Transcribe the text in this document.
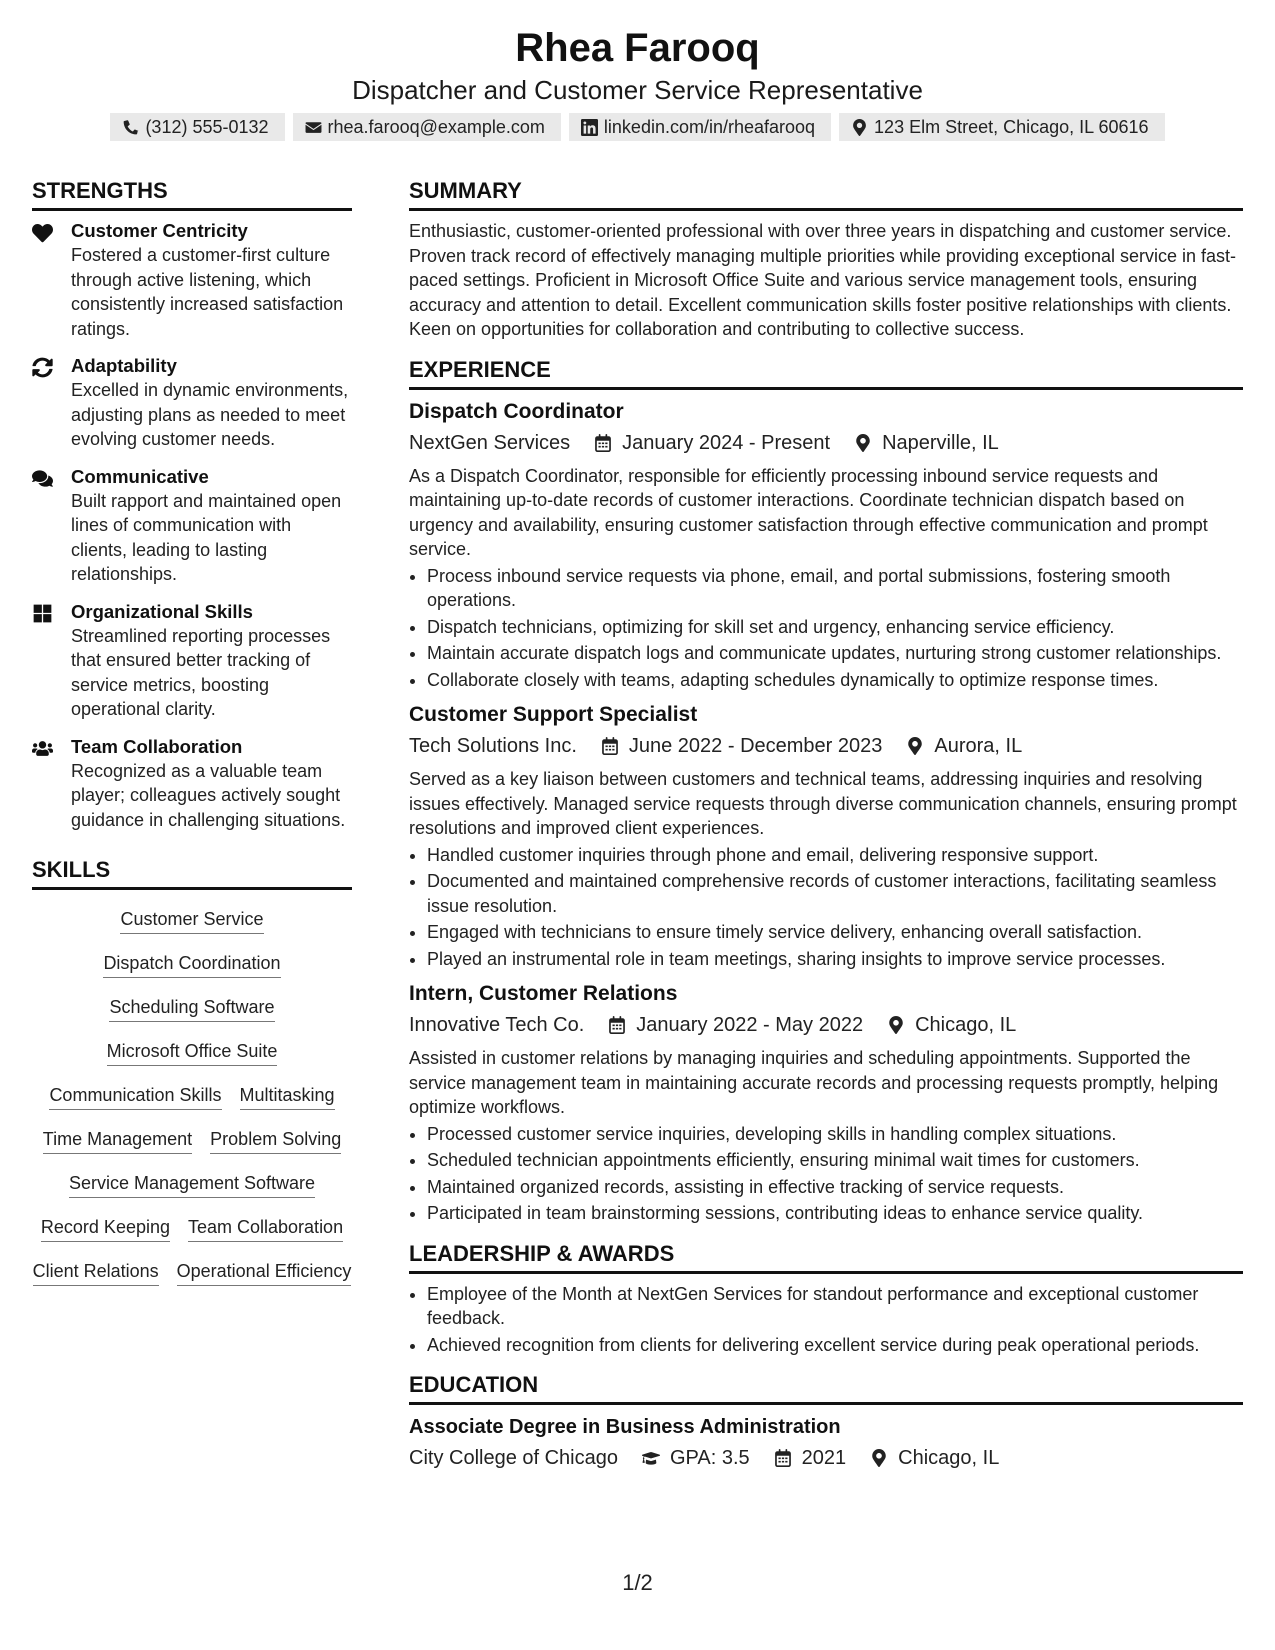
Rhea Farooq
Dispatcher and Customer Service Representative
(312) 555-0132	rhea.farooq@example.com	linkedin.com/in/rheafarooq	123 Elm Street, Chicago, IL 60616
STRENGTHS
Customer Centricity
Fostered a customer-first culture through active listening, which consistently increased satisfaction ratings.
Adaptability
Excelled in dynamic environments, adjusting plans as needed to meet evolving customer needs.
Communicative
Built rapport and maintained open lines of communication with clients, leading to lasting relationships.
Organizational Skills
Streamlined reporting processes that ensured better tracking of service metrics, boosting operational clarity.
Team Collaboration
Recognized as a valuable team player; colleagues actively sought guidance in challenging situations.
SKILLS
Customer Service
Dispatch Coordination
Scheduling Software
Microsoft Office Suite
Communication Skills Multitasking
Time Management Problem Solving
Service Management Software
Record Keeping Team Collaboration
Client Relations Operational Efficiency
SUMMARY
Enthusiastic, customer-oriented professional with over three years in dispatching and customer service. Proven track record of effectively managing multiple priorities while providing exceptional service in fast-paced settings. Proficient in Microsoft Office Suite and various service management tools, ensuring accuracy and attention to detail. Excellent communication skills foster positive relationships with clients. Keen on opportunities for collaboration and contributing to collective success.
EXPERIENCE
Dispatch Coordinator
NextGen Services	January 2024 - Present	Naperville, IL
As a Dispatch Coordinator, responsible for efficiently processing inbound service requests and maintaining up-to-date records of customer interactions. Coordinate technician dispatch based on urgency and availability, ensuring customer satisfaction through effective communication and prompt service.
• Process inbound service requests via phone, email, and portal submissions, fostering smooth operations.
• Dispatch technicians, optimizing for skill set and urgency, enhancing service efficiency.
• Maintain accurate dispatch logs and communicate updates, nurturing strong customer relationships.
• Collaborate closely with teams, adapting schedules dynamically to optimize response times.
Customer Support Specialist
Tech Solutions Inc.	June 2022 - December 2023	Aurora, IL
Served as a key liaison between customers and technical teams, addressing inquiries and resolving issues effectively. Managed service requests through diverse communication channels, ensuring prompt resolutions and improved client experiences.
• Handled customer inquiries through phone and email, delivering responsive support.
• Documented and maintained comprehensive records of customer interactions, facilitating seamless issue resolution.
• Engaged with technicians to ensure timely service delivery, enhancing overall satisfaction.
• Played an instrumental role in team meetings, sharing insights to improve service processes.
Intern, Customer Relations
Innovative Tech Co.	January 2022 - May 2022	Chicago, IL
Assisted in customer relations by managing inquiries and scheduling appointments. Supported the service management team in maintaining accurate records and processing requests promptly, helping optimize workflows.
• Processed customer service inquiries, developing skills in handling complex situations.
• Scheduled technician appointments efficiently, ensuring minimal wait times for customers.
• Maintained organized records, assisting in effective tracking of service requests.
• Participated in team brainstorming sessions, contributing ideas to enhance service quality.
LEADERSHIP & AWARDS
• Employee of the Month at NextGen Services for standout performance and exceptional customer feedback.
• Achieved recognition from clients for delivering excellent service during peak operational periods.
EDUCATION
Associate Degree in Business Administration
City College of Chicago	GPA: 3.5	2021	Chicago, IL
1/2
